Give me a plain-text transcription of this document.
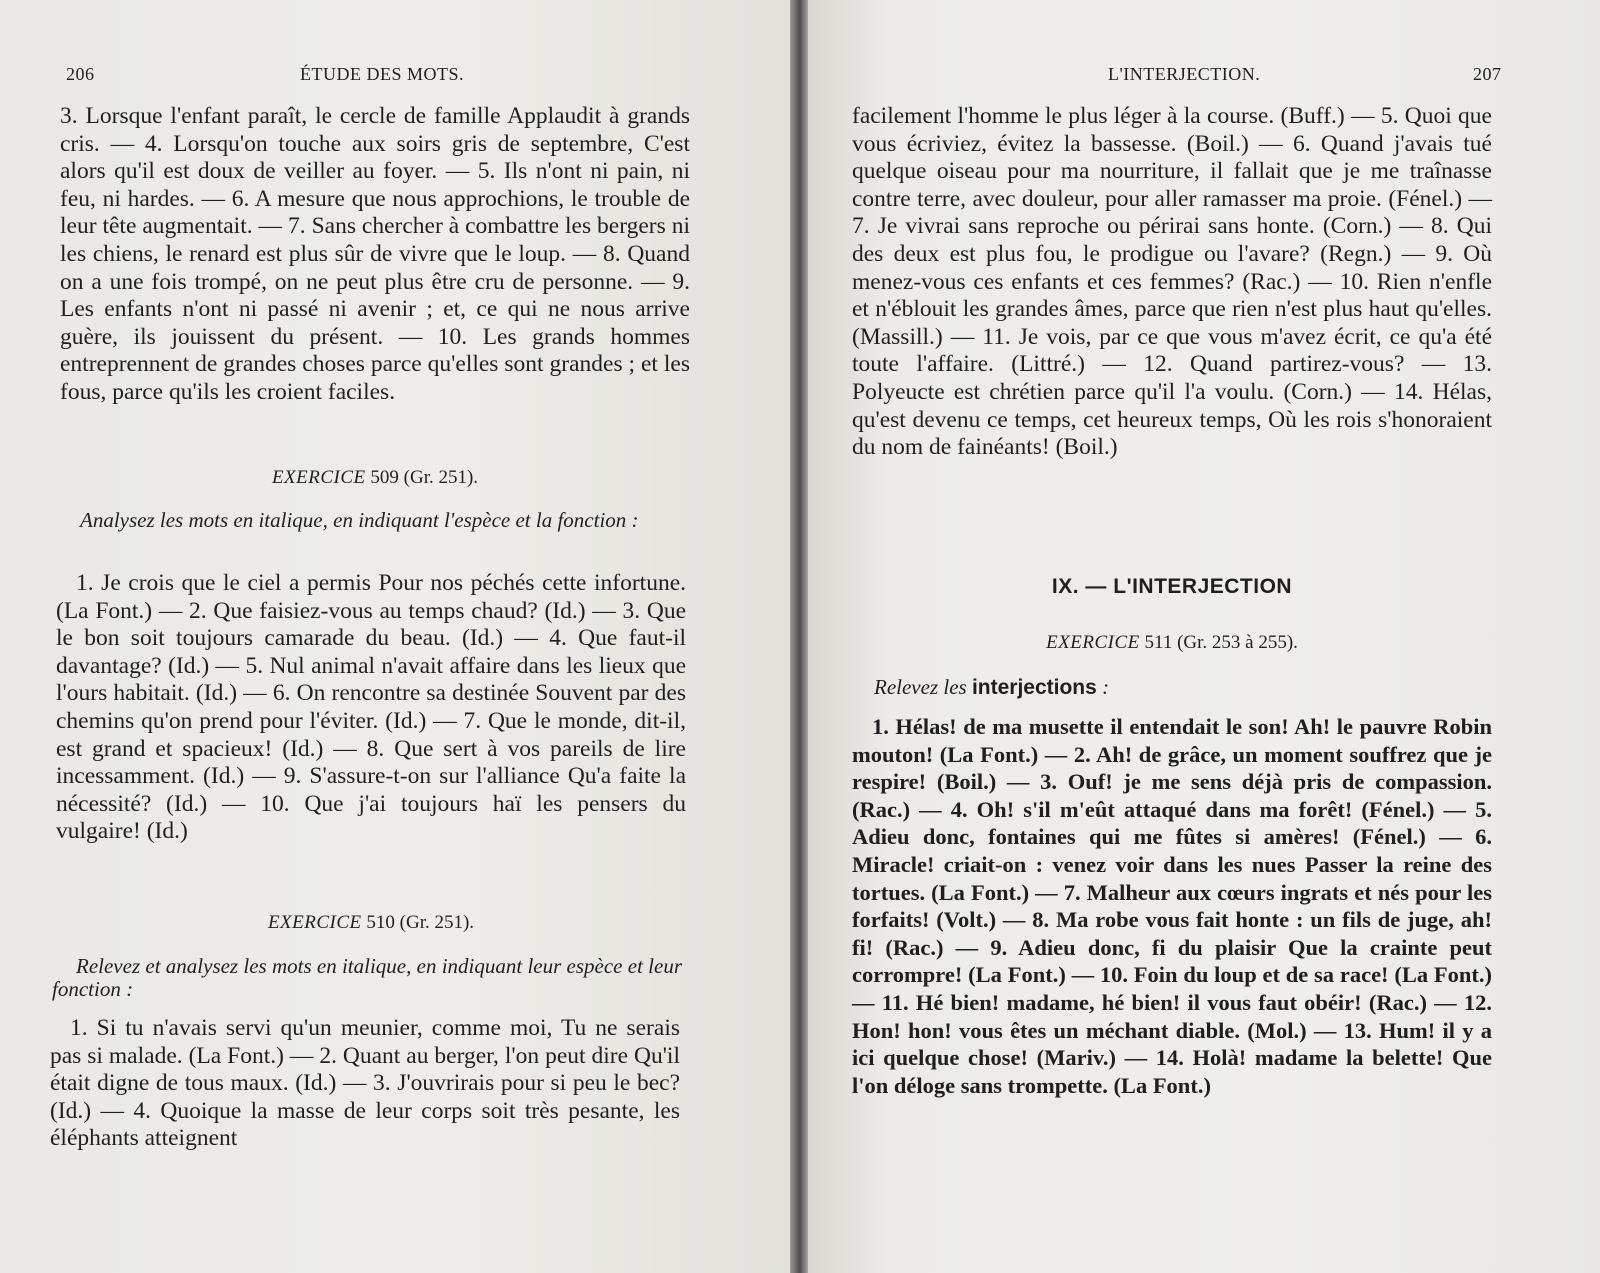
206	ÉTUDE DES MOTS.

3. Lorsque l'enfant paraît, le cercle de famille Applaudit à grands cris. — 4. Lorsqu'on touche aux soirs gris de septembre, C'est alors qu'il est doux de veiller au foyer. — 5. Ils n'ont ni pain, ni feu, ni hardes. — 6. A mesure que nous approchions, le trouble de leur tête augmentait. — 7. Sans chercher à combattre les bergers ni les chiens, le renard est plus sûr de vivre que le loup. — 8. Quand on a une fois trompé, on ne peut plus être cru de personne. — 9. Les enfants n'ont ni passé ni avenir ; et, ce qui ne nous arrive guère, ils jouissent du présent. — 10. Les grands hommes entreprennent de grandes choses parce qu'elles sont grandes ; et les fous, parce qu'ils les croient faciles.

EXERCICE 509 (Gr. 251).

Analysez les mots en italique, en indiquant l'espèce et la fonction :

1. Je crois que le ciel a permis Pour nos péchés cette infortune. (La Font.) — 2. Que faisiez-vous au temps chaud? (Id.) — 3. Que le bon soit toujours camarade du beau. (Id.) — 4. Que faut-il davantage? (Id.) — 5. Nul animal n'avait affaire dans les lieux que l'ours habitait. (Id.) — 6. On rencontre sa destinée Souvent par des chemins qu'on prend pour l'éviter. (Id.) — 7. Que le monde, dit-il, est grand et spacieux! (Id.) — 8. Que sert à vos pareils de lire incessamment. (Id.) — 9. S'assure-t-on sur l'alliance Qu'a faite la nécessité? (Id.) — 10. Que j'ai toujours haï les pensers du vulgaire! (Id.)

EXERCICE 510 (Gr. 251).

Relevez et analysez les mots en italique, en indiquant leur espèce et leur fonction :

1. Si tu n'avais servi qu'un meunier, comme moi, Tu ne serais pas si malade. (La Font.) — 2. Quant au berger, l'on peut dire Qu'il était digne de tous maux. (Id.) — 3. J'ouvrirais pour si peu le bec? (Id.) — 4. Quoique la masse de leur corps soit très pesante, les éléphants atteignent

L'INTERJECTION.	207

facilement l'homme le plus léger à la course. (Buff.) — 5. Quoi que vous écriviez, évitez la bassesse. (Boil.) — 6. Quand j'avais tué quelque oiseau pour ma nourriture, il fallait que je me traînasse contre terre, avec douleur, pour aller ramasser ma proie. (Fénel.) — 7. Je vivrai sans reproche ou périrai sans honte. (Corn.) — 8. Qui des deux est plus fou, le prodigue ou l'avare? (Regn.) — 9. Où menez-vous ces enfants et ces femmes? (Rac.) — 10. Rien n'enfle et n'éblouit les grandes âmes, parce que rien n'est plus haut qu'elles. (Massill.) — 11. Je vois, par ce que vous m'avez écrit, ce qu'a été toute l'affaire. (Littré.) — 12. Quand partirez-vous? — 13. Polyeucte est chrétien parce qu'il l'a voulu. (Corn.) — 14. Hélas, qu'est devenu ce temps, cet heureux temps, Où les rois s'honoraient du nom de fainéants! (Boil.)

IX. — L'INTERJECTION
EXERCICE 511 (Gr. 253 à 255).

Relevez les interjections :

1. Hélas! de ma musette il entendait le son! Ah! le pauvre Robin mouton! (La Font.) — 2. Ah! de grâce, un moment souffrez que je respire! (Boil.) — 3. Ouf! je me sens déjà pris de compassion. (Rac.) — 4. Oh! s'il m'eût attaqué dans ma forêt! (Fénel.) — 5. Adieu donc, fontaines qui me fûtes si amères! (Fénel.) — 6. Miracle! criait-on : venez voir dans les nues Passer la reine des tortues. (La Font.) — 7. Malheur aux cœurs ingrats et nés pour les forfaits! (Volt.) — 8. Ma robe vous fait honte : un fils de juge, ah! fi! (Rac.) — 9. Adieu donc, fi du plaisir Que la crainte peut corrompre! (La Font.) — 10. Foin du loup et de sa race! (La Font.) — 11. Hé bien! madame, hé bien! il vous faut obéir! (Rac.) — 12. Hon! hon! vous êtes un méchant diable. (Mol.) — 13. Hum! il y a ici quelque chose! (Mariv.) — 14. Holà! madame la belette! Que l'on déloge sans trompette. (La Font.)
